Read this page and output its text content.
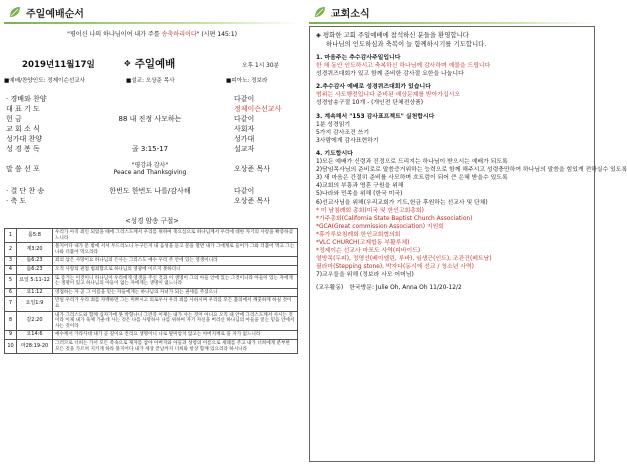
주일예배순서
"평이신 나의 하나님이여 내가 주를 송축하리이다" (시편 145:1)
2019년11월17일	✥ 주일예배	오후 1시 30분
■예배/찬양인도: 정제이슨선교사	■설교: 오상준 목사	■피아노: 정보라
· 경배와 찬양	다같이
대 표 기 도	정제이슨선교사
헌 금	88 내 진정 사모하는	다같이
교 회 소 식	사회자
성가대 찬양	성가대
성 경 봉 독	골 3:15-17	설교자
말 씀 선 포	"평강과 감사"
Peace and Thanksgiving	오상준 목사
· 결 단 찬 송	한번도 한번도 나를/감사해	다같이
· 축 도	오상준 목사
<성경 암송 구절>
1	롬5:8	우리가 아직 죄인 되었을 때에 그리스도께서 우리를 위하여 죽으심으로 하나님께서 우리에 대한 자기의 사랑을 확증하셨느니라
2	계3:20	볼지어다 내가 문 밖에 서서 두드리노니 누구든지 내 음성을 듣고 문을 열면 내가 그에게로 들어가 그와 더불어 먹고 그는 나와 더불어 먹으리라
3	롬6:23	죄의 삯은 사망이요 하나님의 은사는 그리스도 예수 우리 주 안에 있는 영생이니라
4	롬6:23	오직 사랑의 관점 범죄함으로 하나님의 영광에 이르지 못하더니
5	요일 5:11-12	또 증거는 이것이니 하나님이 우리에게 영생을 주신 것과 이 생명이 그의 아들 안에 있는 그것이니라 아들이 있는 자에게는 생명이 있고 하나님의 아들이 없는 자에게는 생명이 없느니라
6	요1:12	영접하는 자 곧 그 이름을 믿는 자들에게는 하나님의 자녀가 되는 권세를 주셨으니
7	요일1:9	만일 우리가 우리 죄를 자백하면 그는 미쁘시고 의로우사 우리 죄를 사하시며 우리를 모든 불의에서 깨끗하게 하실 것이요
8	갈2:20	내가 그리스도와 함께 십자가에 못 박혔나니 그런즉 이제는 내가 사는 것이 아니요 오직 내 안에 그리스도께서 사시는 것이라 이제 내가 육체 가운데 사는 것은 나를 사랑하사 나를 위하여 자기 자신을 버리신 하나님의 아들을 믿는 믿음 안에서 사는 것이라
9	요14:6	예수께서 가라사대 내가 곧 길이요 진리요 생명이니 나로 말미암지 않고는 아버지께로 올 자가 없느니라
10	마28:19-20	그러므로 너희는 가서 모든 족속으로 제자를 삼아 아버지와 아들과 성령의 이름으로 세례를 주고 내가 너희에게 분부한 모든 것을 가르쳐 지키게 하라 볼지어다 내가 세상 끝날까지 너희와 항상 함께 있으리라 하시니라
교회소식
◈ 평화한 고회 주일예배에 참석하신 분들을 환영합니다
하나님의 인도하심과 축복이 늘 함께하시기를 기도합니다.
1. 마음주는 추수감사주일입니다
한 해 동안 인도하시고 축복하신 하나님께 감사하며 예물을 드립니다
성경퀴즈대회가 있고 함께 준비한 감사절 요한을 나눕니다
2.추수감사 예배로 성경퀴즈대회가 있습니다
범위는 사도행전입니다 준비된 예상문제를 받아가십시오
성경암송구절 10개 - (개인전 단체전상품)
3. 계속해서 "153 감사표프젝트" 실천합시다
1분 성경읽기
5가지 감사조건 쓰기
3사람에게 감사표현하기
4. 기도합시다
1)모든 예배가 신령과 진정으로 드리지는 하나님이 받으시는 예배가 되도록
2)담임목사님의 준비로로 말씀증거위하는 능력으로 함께 해주시고 성령충만하여 하나님의 말씀을 힘있게 전하실수 있도록
3) 새 마음은 간절히 준비를 사모하며 흐트럼이 되어 큰 은혜 받을수 있도록
4)교회의 부흥과 영혼 구원을 위해
5)나라와 민족을 위해 (한국 미국)
6)선교사님을 위해(우리교회가 기도,헌금 후원하는 선교사 및 단체)
* 미 남침례회 총회(미국 및 한인고회총회)
*가주총회(California State Baptist Church Association)
*GCA(Great commission Association) 지원회
*휴가루보침례회 한인교회협의회
*VLC CHURCH(고제합동 부활루체)
*정제이슨 선교사 마포도 사역(피바이드)
열방목(두피), 정명선(베이엘린, 루바), 임생근(인도), 조관건(베트남)
필라마(Stepping stone), 박자다(동시에 선교 / 청소년 사역)
7)교우들을 위해 (정보라 사모 어머님)
(교우활동) 한국방문: Julie Oh, Anna Oh 11/20-12/2
